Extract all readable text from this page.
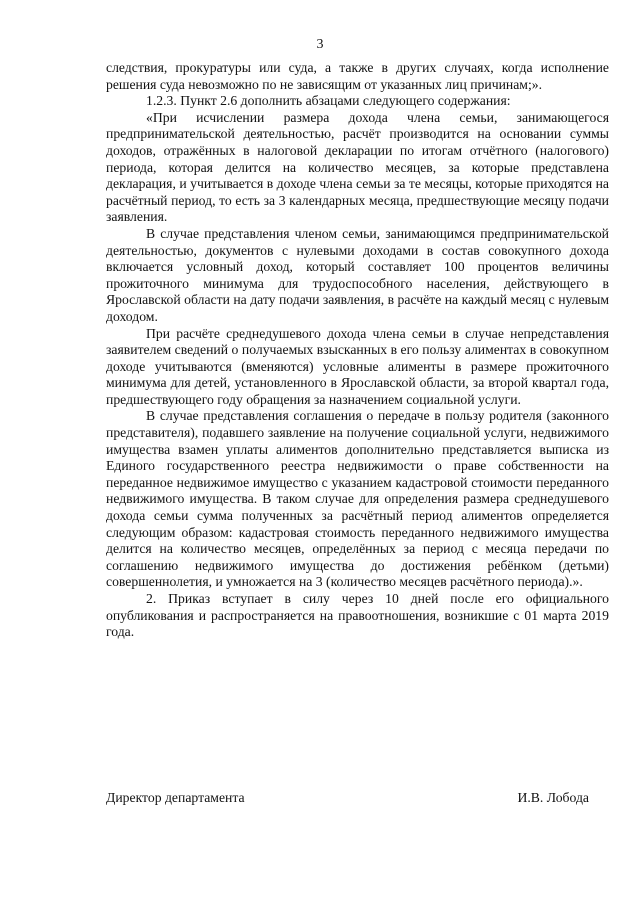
3

следствия, прокуратуры или суда, а также в других случаях, когда исполнение решения суда невозможно по не зависящим от указанных лиц причинам;».

1.2.3. Пункт 2.6 дополнить абзацами следующего содержания:

«При исчислении размера дохода члена семьи, занимающегося предпринимательской деятельностью, расчёт производится на основании суммы доходов, отражённых в налоговой декларации по итогам отчётного (налогового) периода, которая делится на количество месяцев, за которые представлена декларация, и учитывается в доходе члена семьи за те месяцы, которые приходятся на расчётный период, то есть за 3 календарных месяца, предшествующие месяцу подачи заявления.

В случае представления членом семьи, занимающимся предпринимательской деятельностью, документов с нулевыми доходами в состав совокупного дохода включается условный доход, который составляет 100 процентов величины прожиточного минимума для трудоспособного населения, действующего в Ярославской области на дату подачи заявления, в расчёте на каждый месяц с нулевым доходом.

При расчёте среднедушевого дохода члена семьи в случае непредставления заявителем сведений о получаемых взысканных в его пользу алиментах в совокупном доходе учитываются (вменяются) условные алименты в размере прожиточного минимума для детей, установленного в Ярославской области, за второй квартал года, предшествующего году обращения за назначением социальной услуги.

В случае представления соглашения о передаче в пользу родителя (законного представителя), подавшего заявление на получение социальной услуги, недвижимого имущества взамен уплаты алиментов дополнительно представляется выписка из Единого государственного реестра недвижимости о праве собственности на переданное недвижимое имущество с указанием кадастровой стоимости переданного недвижимого имущества. В таком случае для определения размера среднедушевого дохода семьи сумма полученных за расчётный период алиментов определяется следующим образом: кадастровая стоимость переданного недвижимого имущества делится на количество месяцев, определённых за период с месяца передачи по соглашению недвижимого имущества до достижения ребёнком (детьми) совершеннолетия, и умножается на 3 (количество месяцев расчётного периода).».

2. Приказ вступает в силу через 10 дней после его официального опубликования и распространяется на правоотношения, возникшие с 01 марта 2019 года.

Директор департамента	И.В. Лобода
